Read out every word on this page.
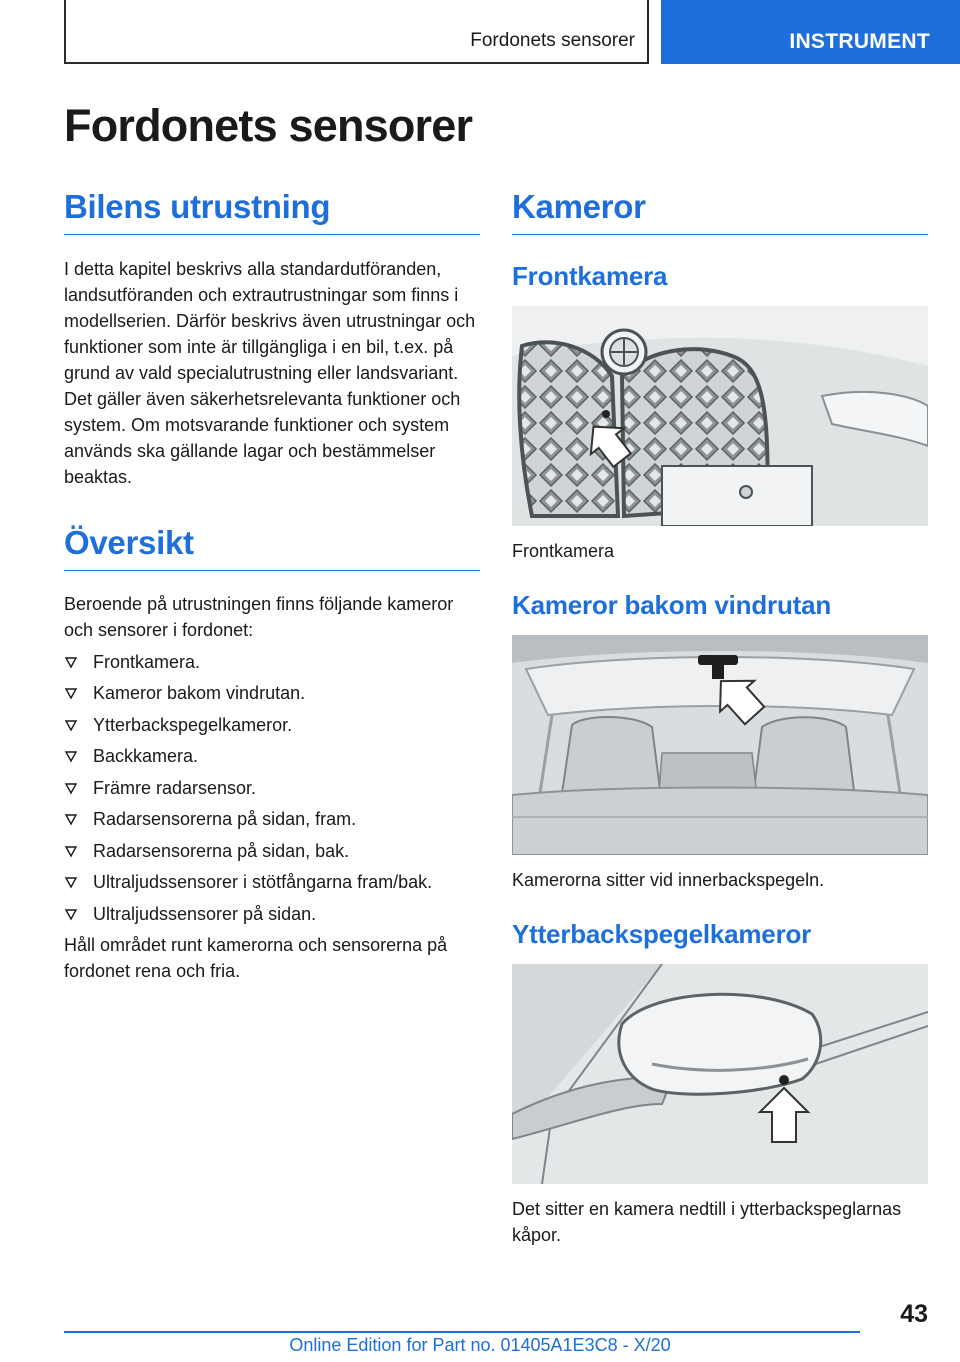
Fordonets sensorer	INSTRUMENT
Fordonets sensorer
Bilens utrustning

I detta kapitel beskrivs alla standardutföranden, landsutföranden och extrautrustningar som finns i modellserien. Därför beskrivs även utrustningar och funktioner som inte är tillgängliga i en bil, t.ex. på grund av vald specialutrustning eller landsvariant. Det gäller även säkerhetsrelevanta funktioner och system. Om motsvarande funktioner och system används ska gällande lagar och bestämmelser beaktas.

Översikt

Beroende på utrustningen finns följande kameror och sensorer i fordonet:

Frontkamera.
Kameror bakom vindrutan.
Ytterbackspegelkameror.
Backkamera.
Främre radarsensor.
Radarsensorerna på sidan, fram.
Radarsensorerna på sidan, bak.
Ultraljudssensorer i stötfångarna fram/bak.
Ultraljudssensorer på sidan.

Håll området runt kamerorna och sensorerna på fordonet rena och fria.

Kameror
Frontkamera

Frontkamera

Kameror bakom vindrutan

Kamerorna sitter vid innerbackspegeln.

Ytterbackspegelkameror

Det sitter en kamera nedtill i ytterbackspeglarnas kåpor.

43
Online Edition for Part no. 01405A1E3C8 - X/20
